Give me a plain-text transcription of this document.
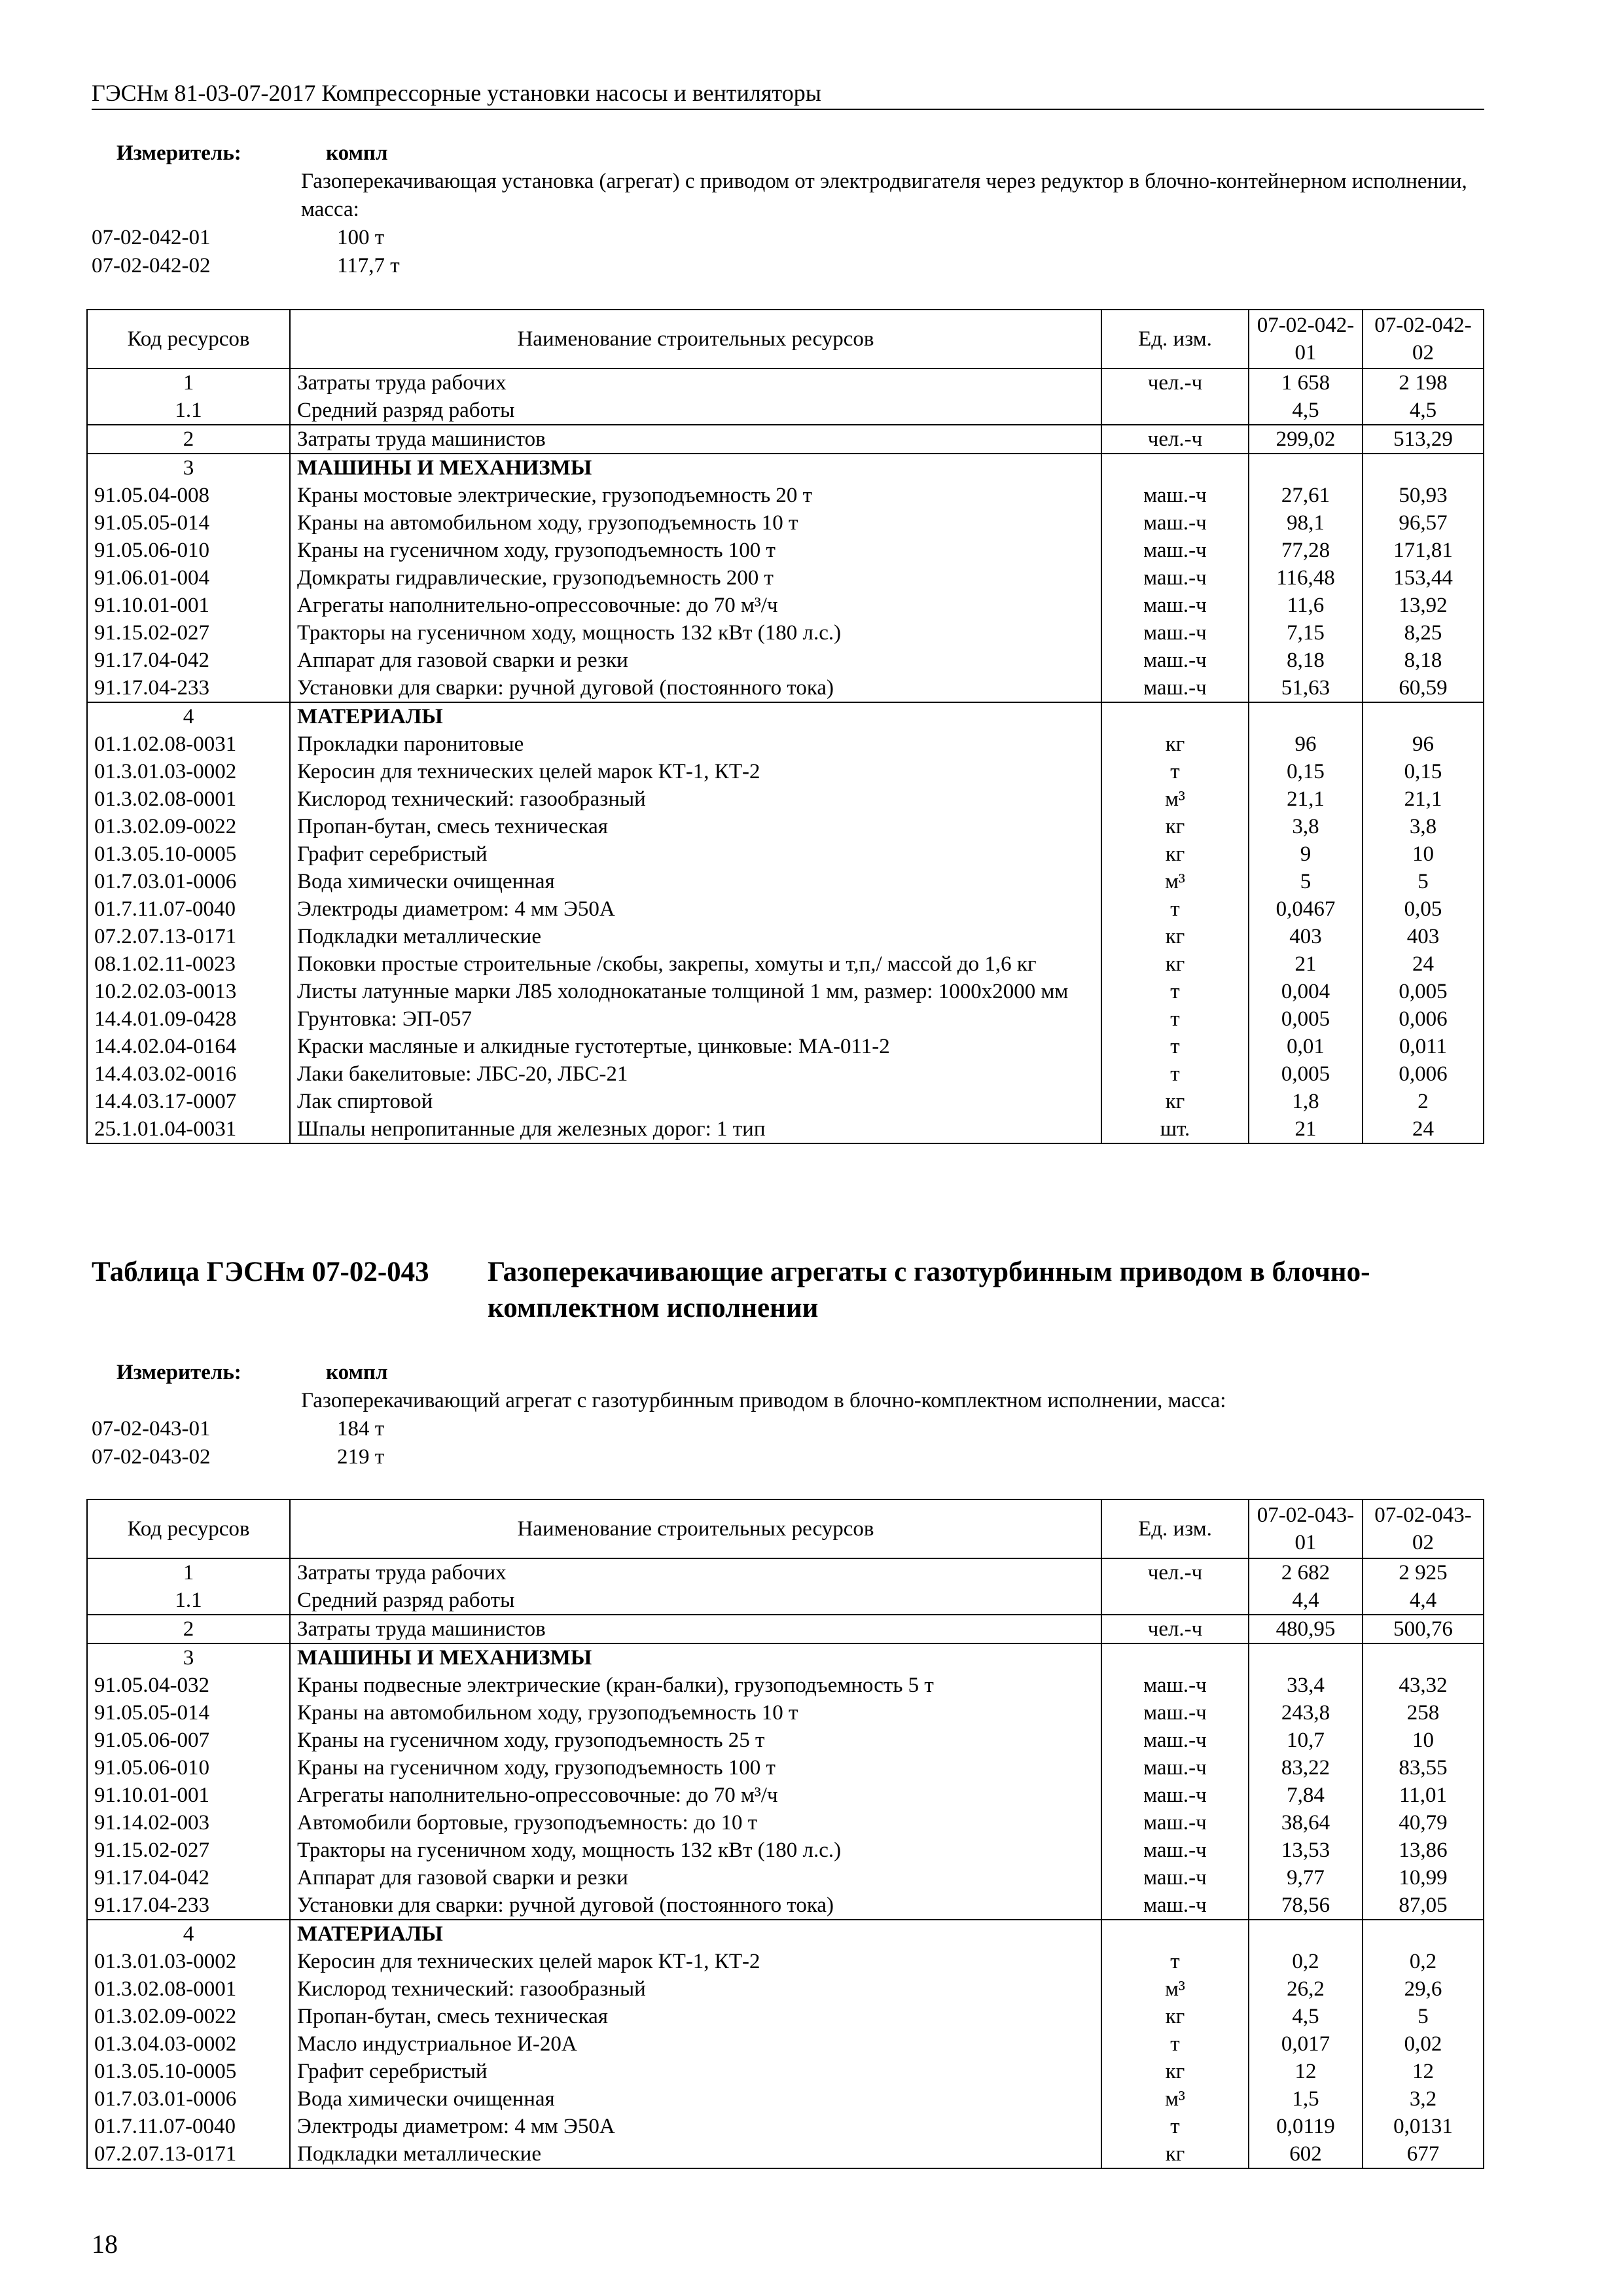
ГЭСНм 81-03-07-2017 Компрессорные установки насосы и вентиляторы
Измеритель:	компл
Газоперекачивающая установка (агрегат) с приводом от электродвигателя через редуктор в блочно-контейнерном исполнении, масса:
07-02-042-01	100 т
07-02-042-02	117,7 т
Код ресурсов	Наименование строительных ресурсов	Ед. изм.	07-02-042-01	07-02-042-02
1	Затраты труда рабочих	чел.-ч	1 658	2 198
1.1	Средний разряд работы		4,5	4,5
2	Затраты труда машинистов	чел.-ч	299,02	513,29
3	МАШИНЫ И МЕХАНИЗМЫ			
91.05.04-008	Краны мостовые электрические, грузоподъемность 20 т	маш.-ч	27,61	50,93
91.05.05-014	Краны на автомобильном ходу, грузоподъемность 10 т	маш.-ч	98,1	96,57
91.05.06-010	Краны на гусеничном ходу, грузоподъемность 100 т	маш.-ч	77,28	171,81
91.06.01-004	Домкраты гидравлические, грузоподъемность 200 т	маш.-ч	116,48	153,44
91.10.01-001	Агрегаты наполнительно-опрессовочные: до 70 м³/ч	маш.-ч	11,6	13,92
91.15.02-027	Тракторы на гусеничном ходу, мощность 132 кВт (180 л.с.)	маш.-ч	7,15	8,25
91.17.04-042	Аппарат для газовой сварки и резки	маш.-ч	8,18	8,18
91.17.04-233	Установки для сварки: ручной дуговой (постоянного тока)	маш.-ч	51,63	60,59
4	МАТЕРИАЛЫ			
01.1.02.08-0031	Прокладки паронитовые	кг	96	96
01.3.01.03-0002	Керосин для технических целей марок КТ-1, КТ-2	т	0,15	0,15
01.3.02.08-0001	Кислород технический: газообразный	м³	21,1	21,1
01.3.02.09-0022	Пропан-бутан, смесь техническая	кг	3,8	3,8
01.3.05.10-0005	Графит серебристый	кг	9	10
01.7.03.01-0006	Вода химически очищенная	м³	5	5
01.7.11.07-0040	Электроды диаметром: 4 мм Э50А	т	0,0467	0,05
07.2.07.13-0171	Подкладки металлические	кг	403	403
08.1.02.11-0023	Поковки простые строительные /скобы, закрепы, хомуты и т,п,/ массой до 1,6 кг	кг	21	24
10.2.02.03-0013	Листы латунные марки Л85 холоднокатаные толщиной 1 мм, размер: 1000х2000 мм	т	0,004	0,005
14.4.01.09-0428	Грунтовка: ЭП-057	т	0,005	0,006
14.4.02.04-0164	Краски масляные и алкидные густотертые, цинковые: МА-011-2	т	0,01	0,011
14.4.03.02-0016	Лаки бакелитовые: ЛБС-20, ЛБС-21	т	0,005	0,006
14.4.03.17-0007	Лак спиртовой	кг	1,8	2
25.1.01.04-0031	Шпалы непропитанные для железных дорог: 1 тип	шт.	21	24
Таблица ГЭСНм 07-02-043 Газоперекачивающие агрегаты с газотурбинным приводом в блочно-комплектном исполнении
Измеритель:	компл
Газоперекачивающий агрегат с газотурбинным приводом в блочно-комплектном исполнении, масса:
07-02-043-01	184 т
07-02-043-02	219 т
Код ресурсов	Наименование строительных ресурсов	Ед. изм.	07-02-043-01	07-02-043-02
1	Затраты труда рабочих	чел.-ч	2 682	2 925
1.1	Средний разряд работы		4,4	4,4
2	Затраты труда машинистов	чел.-ч	480,95	500,76
3	МАШИНЫ И МЕХАНИЗМЫ			
91.05.04-032	Краны подвесные электрические (кран-балки), грузоподъемность 5 т	маш.-ч	33,4	43,32
91.05.05-014	Краны на автомобильном ходу, грузоподъемность 10 т	маш.-ч	243,8	258
91.05.06-007	Краны на гусеничном ходу, грузоподъемность 25 т	маш.-ч	10,7	10
91.05.06-010	Краны на гусеничном ходу, грузоподъемность 100 т	маш.-ч	83,22	83,55
91.10.01-001	Агрегаты наполнительно-опрессовочные: до 70 м³/ч	маш.-ч	7,84	11,01
91.14.02-003	Автомобили бортовые, грузоподъемность: до 10 т	маш.-ч	38,64	40,79
91.15.02-027	Тракторы на гусеничном ходу, мощность 132 кВт (180 л.с.)	маш.-ч	13,53	13,86
91.17.04-042	Аппарат для газовой сварки и резки	маш.-ч	9,77	10,99
91.17.04-233	Установки для сварки: ручной дуговой (постоянного тока)	маш.-ч	78,56	87,05
4	МАТЕРИАЛЫ			
01.3.01.03-0002	Керосин для технических целей марок КТ-1, КТ-2	т	0,2	0,2
01.3.02.08-0001	Кислород технический: газообразный	м³	26,2	29,6
01.3.02.09-0022	Пропан-бутан, смесь техническая	кг	4,5	5
01.3.04.03-0002	Масло индустриальное И-20А	т	0,017	0,02
01.3.05.10-0005	Графит серебристый	кг	12	12
01.7.03.01-0006	Вода химически очищенная	м³	1,5	3,2
01.7.11.07-0040	Электроды диаметром: 4 мм Э50А	т	0,0119	0,0131
07.2.07.13-0171	Подкладки металлические	кг	602	677
18
